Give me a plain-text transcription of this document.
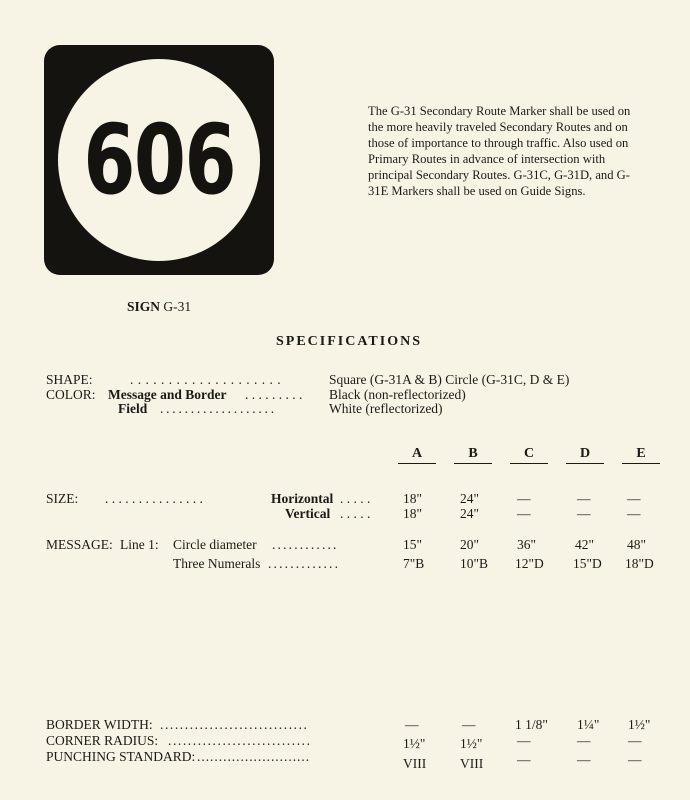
606
SIGN G-31
The G-31 Secondary Route Marker shall be used on the more heavily traveled Secondary Routes and on those of importance to through traffic. Also used on Primary Routes in advance of intersection with principal Secondary Routes. G-31C, G-31D, and G-31E Markers shall be used on Guide Signs.
SPECIFICATIONS
SHAPE:	. . . . . . . . . . . . . . . . . . . .	Square (G-31A & B) Circle (G-31C, D & E)
COLOR: Message and Border . . . . . . . . . Black (non-reflectorized)
Field . . . . . . . . . . . . . . . . . . .	White (reflectorized)
A	B	C	D	E
SIZE: . . . . . . . . . . . . . . .	Horizontal . . . . . 18"	24"	—	—	—
Vertical . . . . . 18"	24"	—	—	—
MESSAGE: Line 1: Circle diameter . . . . . . . . . . . .	15"	20"	36"	42" 48"
Three Numerals . . . . . . . . . . . . .	7"B	10"B 12"D 15"D 18"D
BORDER WIDTH: . . . . . . . . . . . . . . . . . . . . . . . . . . . . . .	—	—	1 1/8" 1¼" 1½"
CORNER RADIUS: . . . . . . . . . . . . . . . . . . . . . . . . . . . . .	1½"	1½"	—	—	—
PUNCHING STANDARD: . . . . . . . . . . . . . . . . . . . . . . . . . .	VIII	VIII	—	—	—
